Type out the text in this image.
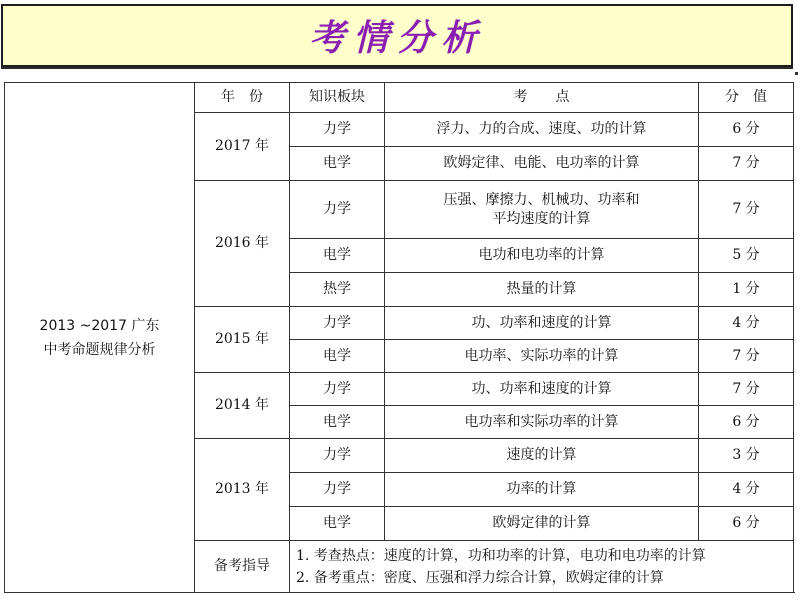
考情分析
2013 ~2017 广东
中考命题规律分析	年　份	知识板块	考　　点	分　值
	2017 年	力学	浮力、力的合成、速度、功的计算	6 分
		电学	欧姆定律、电能、电功率的计算	7 分
	2016 年	力学	压强、摩擦力、机械功、功率和
平均速度的计算	7 分
		电学	电功和电功率的计算	5 分
		热学	热量的计算	1 分
	2015 年	力学	功、功率和速度的计算	4 分
		电学	电功率、实际功率的计算	7 分
	2014 年	力学	功、功率和速度的计算	7 分
		电学	电功率和实际功率的计算	6 分
	2013 年	力学	速度的计算	3 分
		力学	功率的计算	4 分
		电学	欧姆定律的计算	6 分
	备考指导	1. 考查热点：速度的计算，功和功率的计算，电功和电功率的计算
2. 备考重点：密度、压强和浮力综合计算，欧姆定律的计算		
